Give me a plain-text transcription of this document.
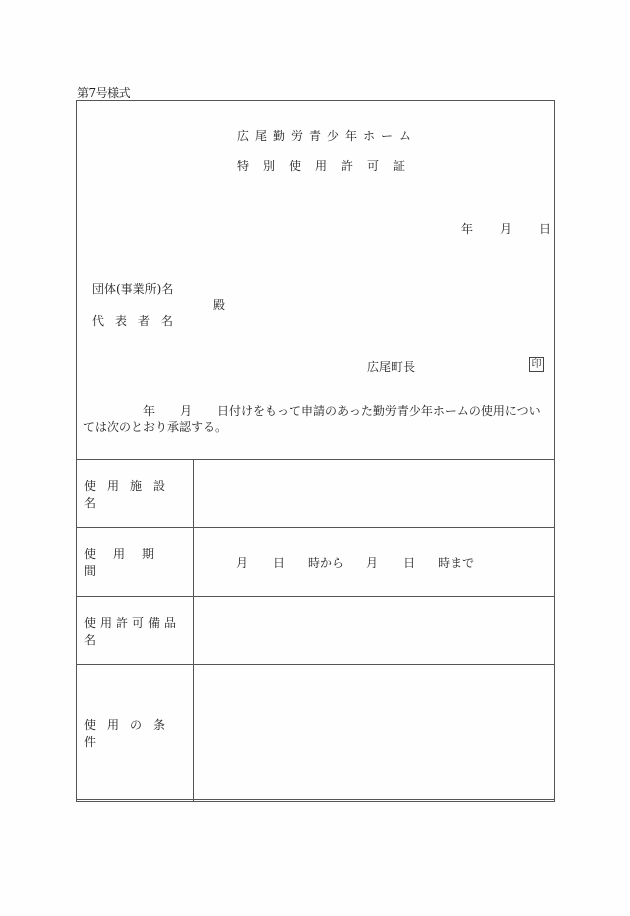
第7号様式
広尾勤労青少年ホーム
特別使用許可証
年 月 日
団体(事業所)名
殿
代表者名
広尾町長	印
年 月 日付けをもって申請のあった勤労青少年ホームの使用については次のとおり承認する。
使用施設名	
使用期間	月 日 時から 月 日 時まで

使用許可備品名	
使用の条件	
